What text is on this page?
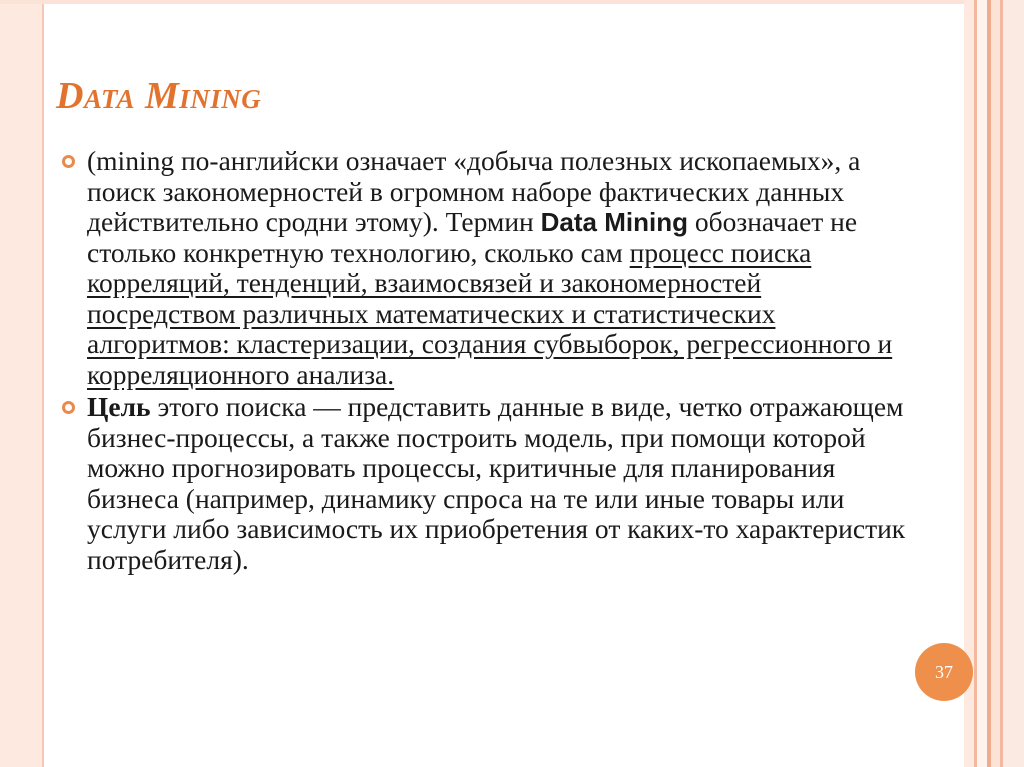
Data Mining
(mining по-английски означает «добыча полезных ископаемых», а поиск закономерностей в огромном наборе фактических данных действительно сродни этому). Термин Data Mining обозначает не столько конкретную технологию, сколько сам процесс поиска корреляций, тенденций, взаимосвязей и закономерностей посредством различных математических и статистических алгоритмов: кластеризации, создания субвыборок, регрессионного и корреляционного анализа.
Цель этого поиска — представить данные в виде, четко отражающем бизнес-процессы, а также построить модель, при помощи которой можно прогнозировать процессы, критичные для планирования бизнеса (например, динамику спроса на те или иные товары или услуги либо зависимость их приобретения от каких-то характеристик потребителя).
37
